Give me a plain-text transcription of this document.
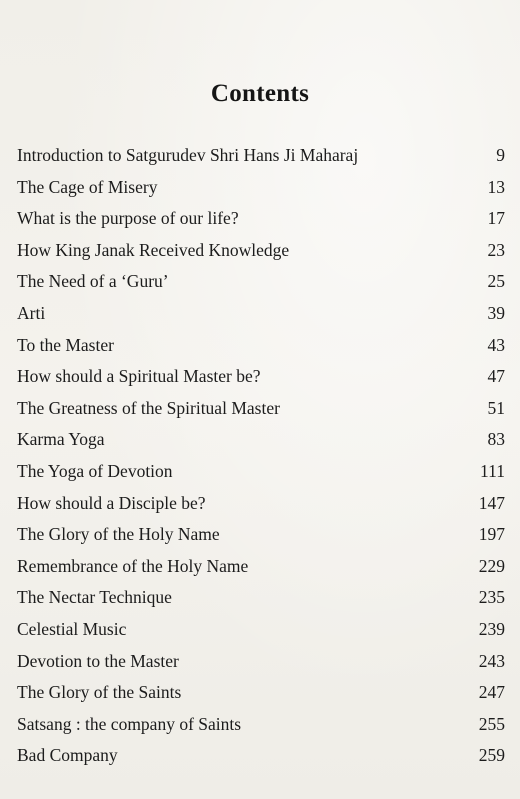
Contents
Introduction to Satgurudev Shri Hans Ji Maharaj	9
The Cage of Misery	13
What is the purpose of our life?	17
How King Janak Received Knowledge	23
The Need of a ‘Guru’	25
Arti	39
To the Master	43
How should a Spiritual Master be?	47
The Greatness of the Spiritual Master	51
Karma Yoga	83
The Yoga of Devotion	111
How should a Disciple be?	147
The Glory of the Holy Name	197
Remembrance of the Holy Name	229
The Nectar Technique	235
Celestial Music	239
Devotion to the Master	243
The Glory of the Saints	247
Satsang : the company of Saints	255
Bad Company	259
